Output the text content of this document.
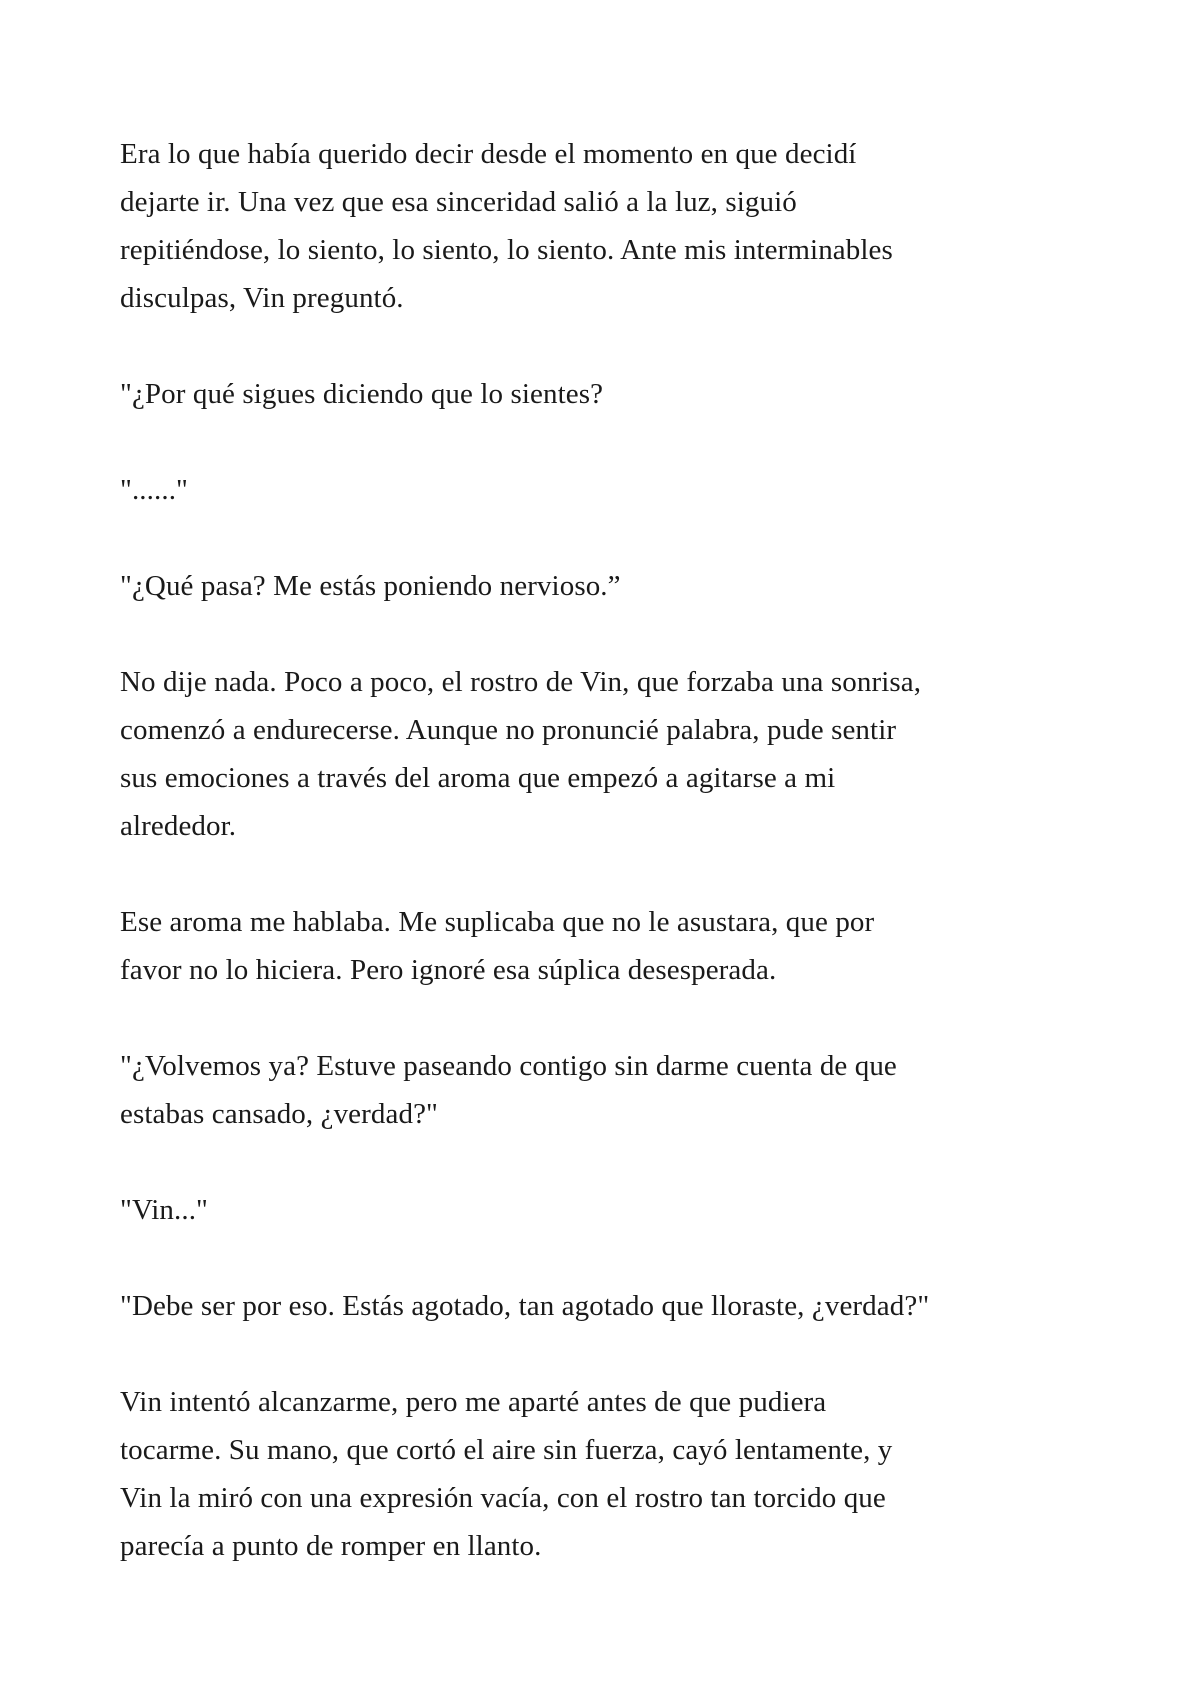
Era lo que había querido decir desde el momento en que decidí
dejarte ir. Una vez que esa sinceridad salió a la luz, siguió
repitiéndose, lo siento, lo siento, lo siento. Ante mis interminables
disculpas, Vin preguntó.

"¿Por qué sigues diciendo que lo sientes?

"......"

"¿Qué pasa? Me estás poniendo nervioso.”

No dije nada. Poco a poco, el rostro de Vin, que forzaba una sonrisa,
comenzó a endurecerse. Aunque no pronuncié palabra, pude sentir
sus emociones a través del aroma que empezó a agitarse a mi
alrededor.

Ese aroma me hablaba. Me suplicaba que no le asustara, que por
favor no lo hiciera. Pero ignoré esa súplica desesperada.

"¿Volvemos ya? Estuve paseando contigo sin darme cuenta de que
estabas cansado, ¿verdad?"

"Vin..."

"Debe ser por eso. Estás agotado, tan agotado que lloraste, ¿verdad?"

Vin intentó alcanzarme, pero me aparté antes de que pudiera
tocarme. Su mano, que cortó el aire sin fuerza, cayó lentamente, y
Vin la miró con una expresión vacía, con el rostro tan torcido que
parecía a punto de romper en llanto.
